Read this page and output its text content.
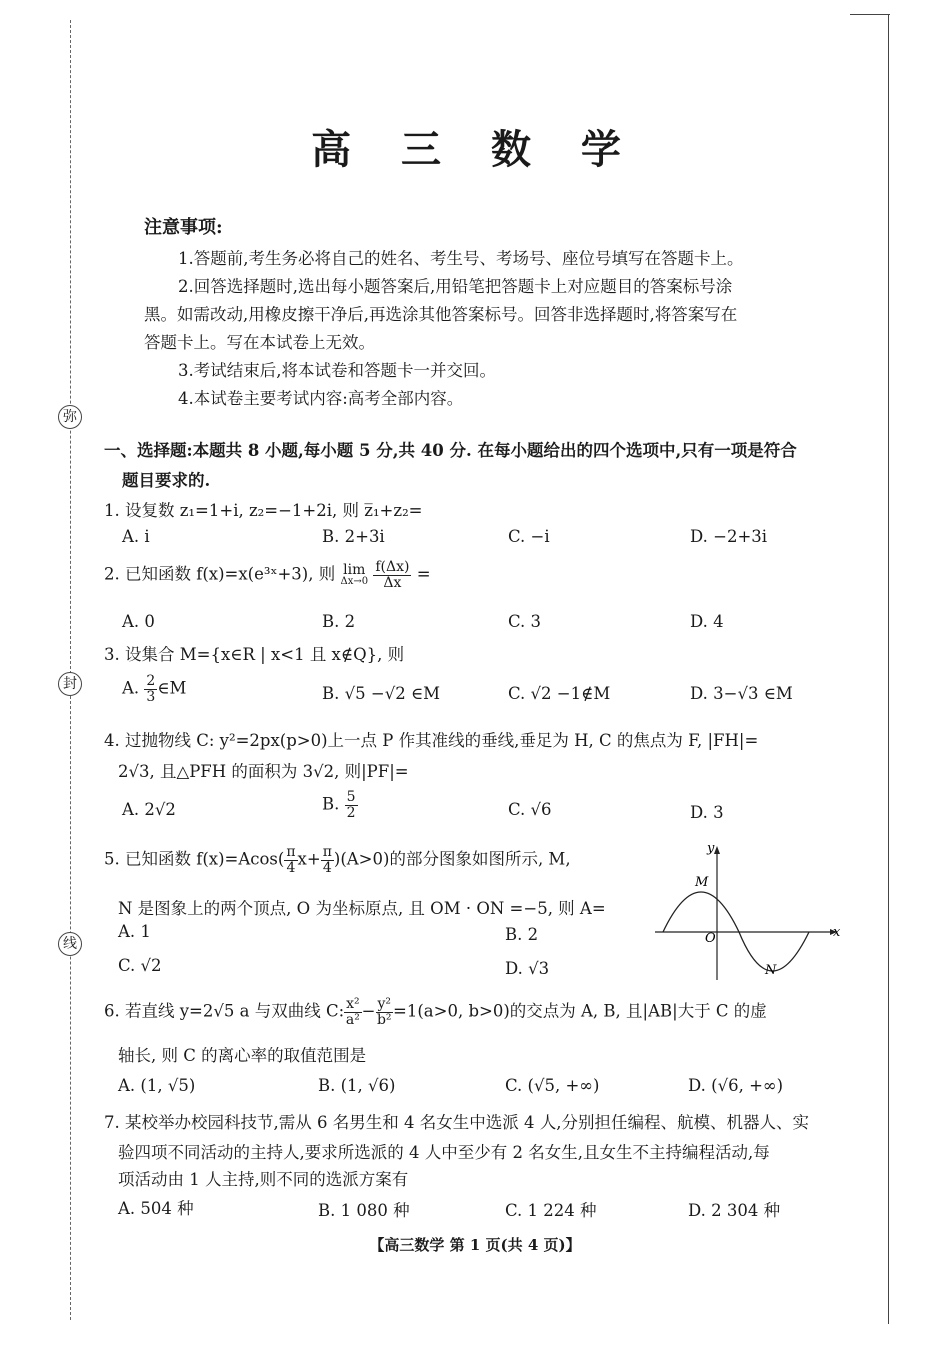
弥
封
线
高 三 数 学
注意事项:
1.答题前,考生务必将自己的姓名、考生号、考场号、座位号填写在答题卡上。
2.回答选择题时,选出每小题答案后,用铅笔把答题卡上对应题目的答案标号涂
黑。如需改动,用橡皮擦干净后,再选涂其他答案标号。回答非选择题时,将答案写在
答题卡上。写在本试卷上无效。
3.考试结束后,将本试卷和答题卡一并交回。
4.本试卷主要考试内容:高考全部内容。
一、选择题:本题共 8 小题,每小题 5 分,共 40 分. 在每小题给出的四个选项中,只有一项是符合
题目要求的.
1. 设复数 z₁=1+i, z₂=−1+2i, 则 z̅₁+z₂=
A. i	B. 2+3i	C. −i	D. −2+3i
2. 已知函数 f(x)=x(e³ˣ+3), 则 lim
Δx→0
$\frac{f(\Delta x)}{\Delta x}$ =
A. 0	B. 2	C. 3	D. 4
3. 设集合 M={x∈R | x<1 且 x∉Q}, 则
A. $\frac{2}{3}$ ∈M	B. √5 −√2 ∈M	C. √2 −1∉M	D. 3−√3 ∈M
4. 过抛物线 C: y²=2px(p>0)上一点 P 作其准线的垂线,垂足为 H, C 的焦点为 F, |FH|=
2√3, 且△PFH 的面积为 3√2, 则|PF|=
A. 2√2	B. $\frac{5}{2}$	C. √6	D. 3
5. 已知函数 $f(x)=Acos( \frac{\pi}{4} x+ \frac{\pi}{4} )(A>0)$的部分图象如图所示, M,
N 是图象上的两个顶点, O 为坐标原点, 且 OM · ON =−5, 则 A=
A. 1	B. 2
C. √2	D. √3
y
x
M
N
O
6. 若直线 y=2√5 a 与双曲线 C: $\frac{\text{x²}}{\text{a²}} - \frac{\text{y²}}{\text{b²}} =1(a>0$, b>0)的交点为 A, B, 且|AB|大于 C 的虚
轴长, 则 C 的离心率的取值范围是
A. (1, √5)	B. (1, √6)	C. (√5, +∞)	D. (√6, +∞)
7. 某校举办校园科技节,需从 6 名男生和 4 名女生中选派 4 人,分别担任编程、航模、机器人、实
验四项不同活动的主持人,要求所选派的 4 人中至少有 2 名女生,且女生不主持编程活动,每
项活动由 1 人主持,则不同的选派方案有
A. 504 种	B. 1 080 种	C. 1 224 种	D. 2 304 种
【高三数学 第 1 页(共 4 页)】
